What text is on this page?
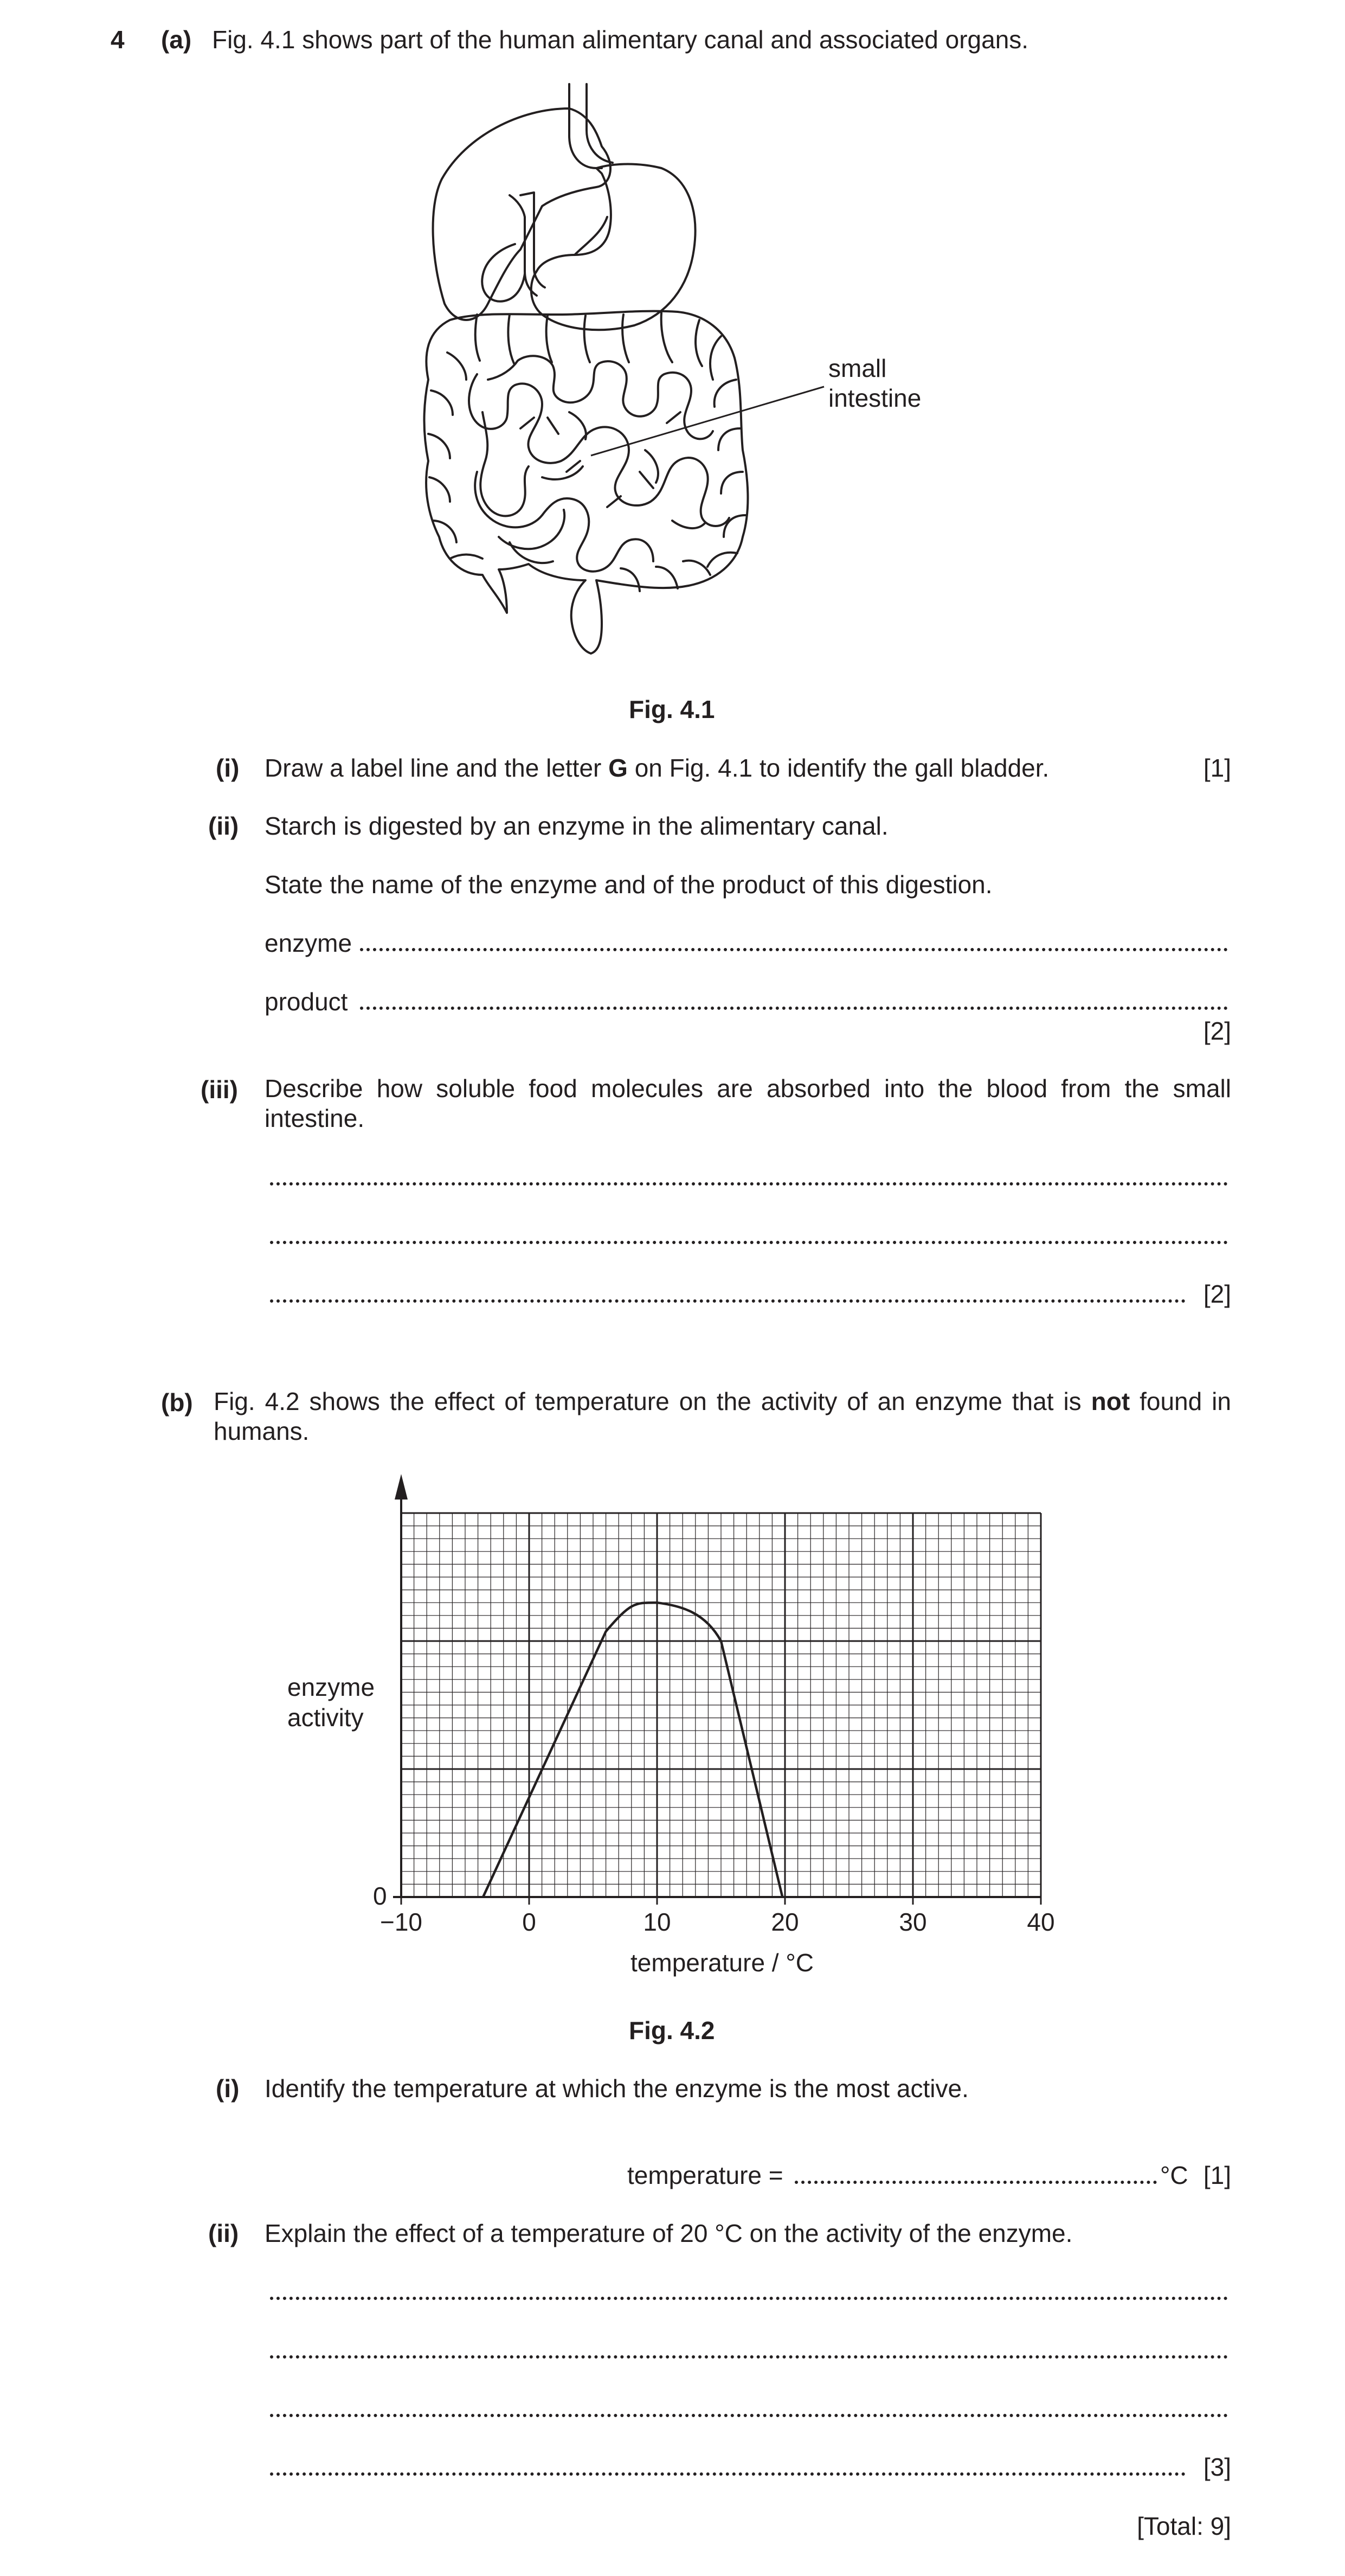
4 (a) Fig. 4.1 shows part of the human alimentary canal and associated organs.
small
intestine
Fig. 4.1
(i) Draw a label line and the letter G on Fig. 4.1 to identify the gall bladder.	[1]
(ii) Starch is digested by an enzyme in the alimentary canal.
State the name of the enzyme and of the product of this digestion.
enzyme
product
[2]
(iii) Describe how soluble food molecules are absorbed into the blood from the small intestine.
[2]
(b) Fig. 4.2 shows the effect of temperature on the activity of an enzyme that is not found in humans.
enzyme
activity
0
−10	0	10	20	30	40
temperature / °C
Fig. 4.2
(i) Identify the temperature at which the enzyme is the most active.
temperature =	°C [1]
(ii) Explain the effect of a temperature of 20 °C on the activity of the enzyme.
[3]
[Total: 9]
